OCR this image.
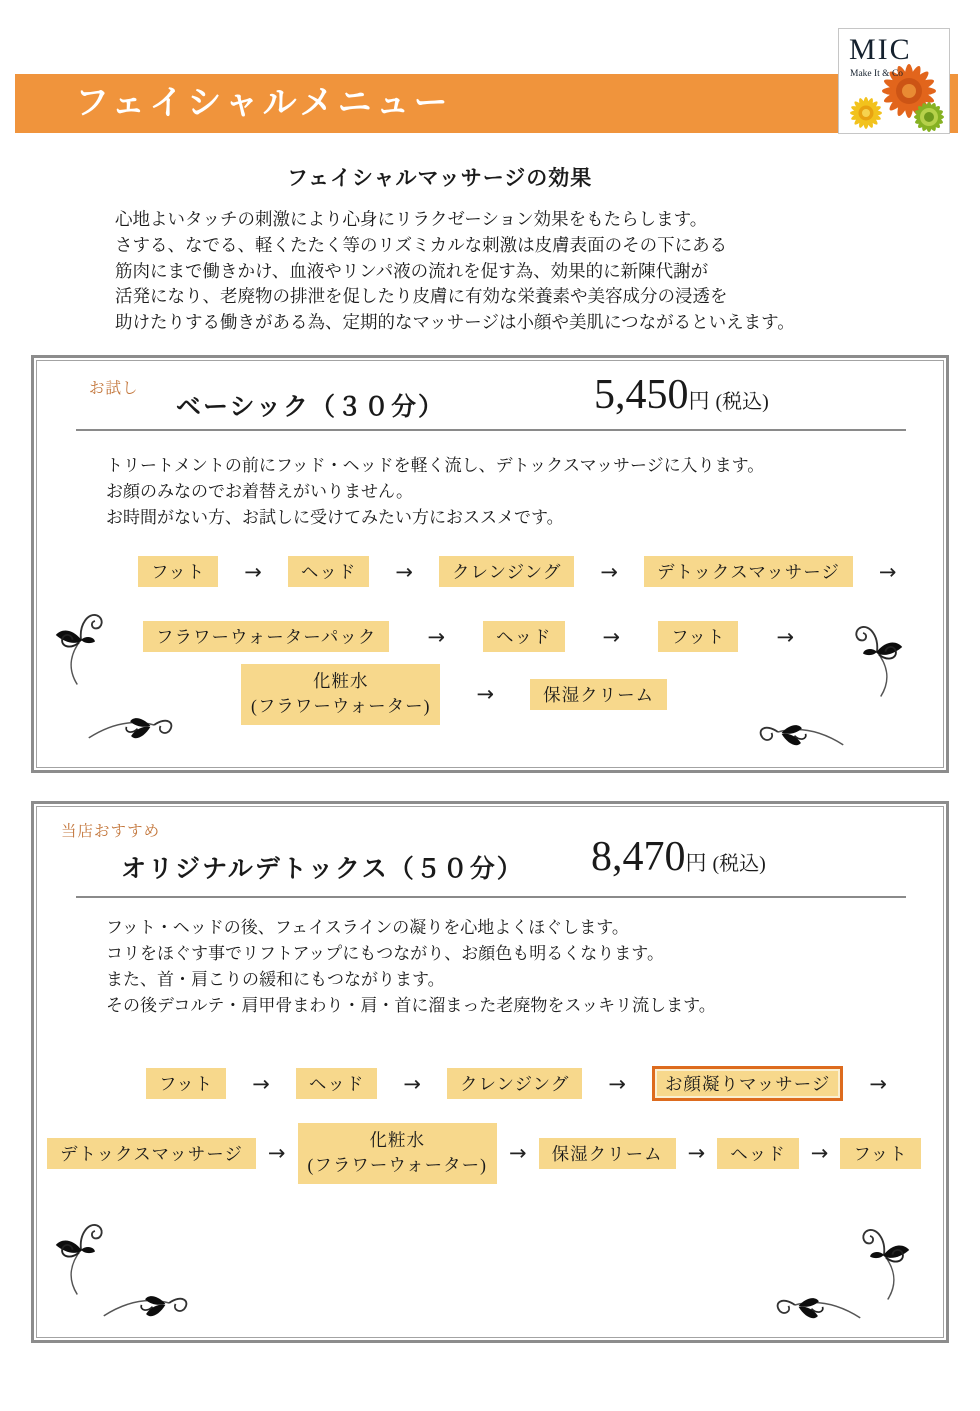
フェイシャルメニュー
MIC
Make It & Co
フェイシャルマッサージの効果
心地よいタッチの刺激により心身にリラクゼーション効果をもたらします。
さする、なでる、軽くたたく等のリズミカルな刺激は皮膚表面のその下にある
筋肉にまで働きかけ、血液やリンパ液の流れを促す為、効果的に新陳代謝が
活発になり、老廃物の排泄を促したり皮膚に有効な栄養素や美容成分の浸透を
助けたりする働きがある為、定期的なマッサージは小顔や美肌につながるといえます。
お試し
ベーシック（３０分）	5,450円 (税込)
トリートメントの前にフッド・ヘッドを軽く流し、デトックスマッサージに入ります。
お顔のみなのでお着替えがいりません。
お時間がない方、お試しに受けてみたい方におススメです。
フット	→	ヘッド	→	クレンジング	→	デトックスマッサージ	→
フラワーウォーターパック	→	ヘッド	→	フット	→
化粧水
(フラワーウォーター) →	保湿クリーム
当店おすすめ
オリジナルデトックス（５０分） 8,470円 (税込)
フット・ヘッドの後、フェイスラインの凝りを心地よくほぐします。
コリをほぐす事でリフトアップにもつながり、お顔色も明るくなります。
また、首・肩こりの緩和にもつながります。
その後デコルテ・肩甲骨まわり・肩・首に溜まった老廃物をスッキリ流します。
フット	→	ヘッド	→	クレンジング	→	お顔凝りマッサージ	→
デトックスマッサージ	→
化粧水
(フラワーウォーター) →	保湿クリーム	→	ヘッド	→	フット
